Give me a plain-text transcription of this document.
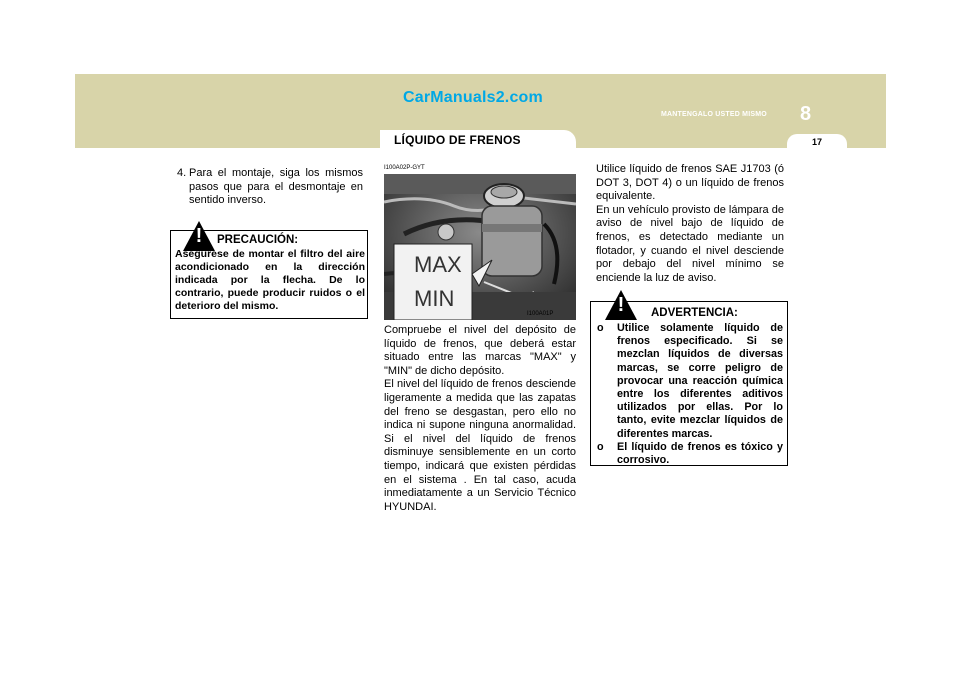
CarManuals2.com
MANTENGALO USTED MISMO 8
17
LÍQUIDO DE FRENOS
4. Para el montaje, siga los mismos pasos que para el desmontaje en sentido inverso.
!	PRECAUCIÓN:
Asegúrese de montar el filtro del aire acondicionado en la dirección indicada por la flecha. De lo contrario, puede producir ruidos o el deterioro del mismo.
I100A02P-GYT
MAX
MIN
I100A01P
Compruebe el nivel del depósito de líquido de frenos, que deberá estar situado entre las marcas "MAX" y "MIN" de dicho depósito.
El nivel del líquido de frenos desciende ligeramente a medida que las zapatas del freno se desgastan, pero ello no indica ni supone ninguna anormalidad. Si el nivel del líquido de frenos disminuye sensiblemente en un corto tiempo, indicará que existen pérdidas en el sistema . En tal caso, acuda inmediatamente a un Servicio Técnico HYUNDAI.
Utilice líquido de frenos SAE J1703 (ó DOT 3, DOT 4) o un líquido de frenos equivalente.
En un vehículo provisto de lámpara de aviso de nivel bajo de líquido de frenos, es detectado mediante un flotador, y cuando el nivel desciende por debajo del nivel mínimo se enciende la luz de aviso.
!	ADVERTENCIA:
o Utilice solamente líquido de frenos especificado. Si se mezclan líquidos de diversas marcas, se corre peligro de provocar una reacción química entre los diferentes aditivos utilizados por ellas. Por lo tanto, evite mezclar líquidos de diferentes marcas.
o El líquido de frenos es tóxico y corrosivo.
